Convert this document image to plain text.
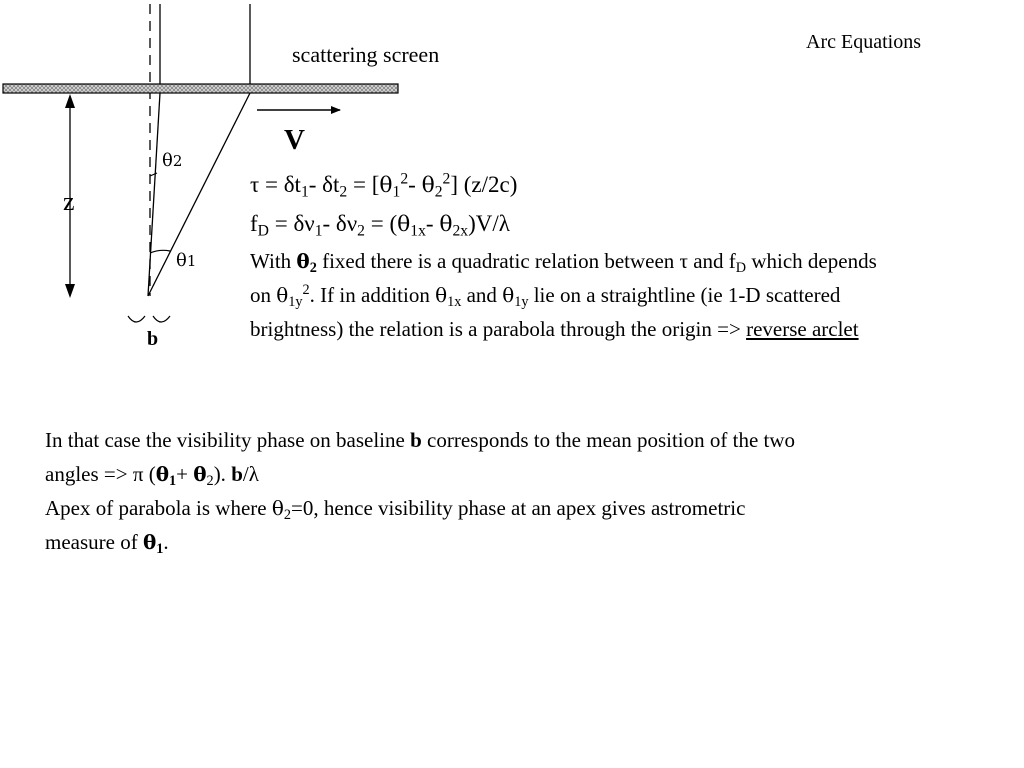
scattering screen
V
z
θ2
θ1
b
Arc Equations
$\tau = \delta t_1-$ $\delta t_2 = [\theta_1^2-$ $\theta_2^2$] (z/2c)
$f_D = \delta\nu_1-$ $\delta\nu_2 = (\theta_{1x}-$ $\theta_{2x})V/\lambda$
With $\theta_2$ fixed there is a quadratic relation between τ and $f_D$ which depends
on $\theta_{1y}^2$. If in addition $\theta_{1x}$ and $\theta_{1y}$ lie on a straightline (ie 1-D scattered
brightness) the relation is a parabola through the origin => reverse arclet
In that case the visibility phase on baseline b corresponds to the mean position of the two
angles => π $(\theta_1+ \theta_2)$. b/λ
Apex of parabola is where $\theta_2=0$, hence visibility phase at an apex gives astrometric
measure of $\theta_1$.
